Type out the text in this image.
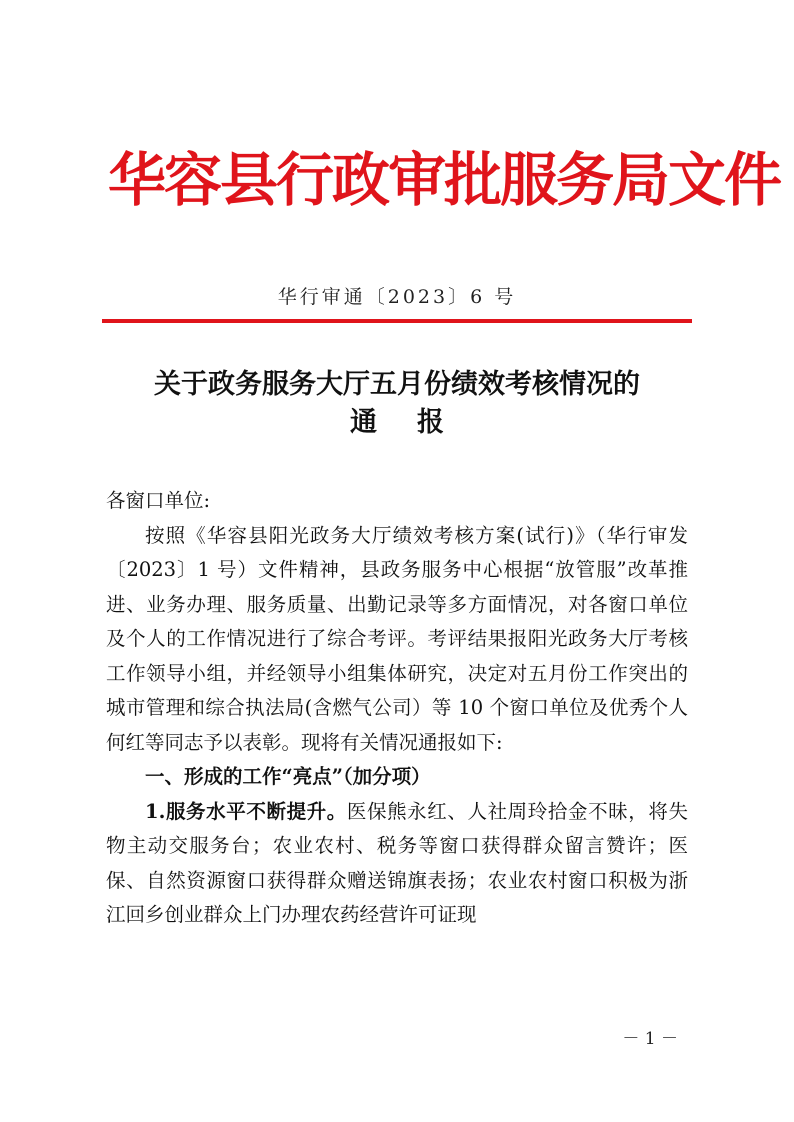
华容县行政审批服务局文件
华行审通〔2023〕6 号
关于政务服务大厅五月份绩效考核情况的
通报

各窗口单位:

按照《华容县阳光政务大厅绩效考核方案(试行)》（华行审发〔2023〕1 号）文件精神，县政务服务中心根据“放管服”改革推进、业务办理、服务质量、出勤记录等多方面情况，对各窗口单位及个人的工作情况进行了综合考评。考评结果报阳光政务大厅考核工作领导小组，并经领导小组集体研究，决定对五月份工作突出的城市管理和综合执法局(含燃气公司）等 10 个窗口单位及优秀个人何红等同志予以表彰。现将有关情况通报如下:

一、形成的工作“亮点”（加分项）

1.服务水平不断提升。医保熊永红、人社周玲拾金不昧，将失物主动交服务台；农业农村、税务等窗口获得群众留言赞许；医保、自然资源窗口获得群众赠送锦旗表扬；农业农村窗口积极为浙江回乡创业群众上门办理农药经营许可证现

－ 1 －
